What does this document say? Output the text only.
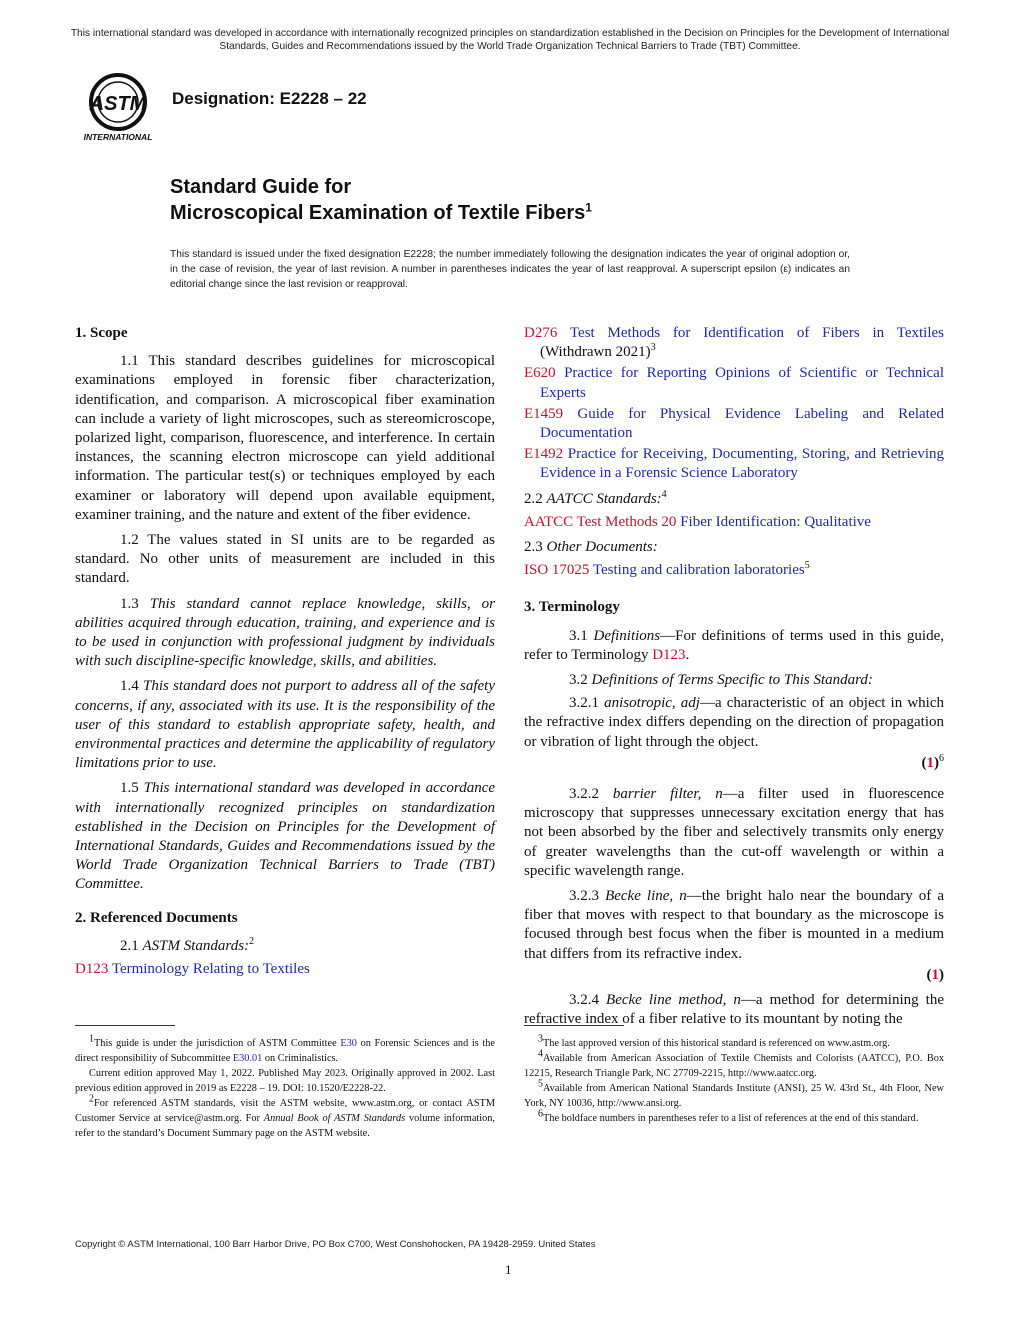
This international standard was developed in accordance with internationally recognized principles on standardization established in the Decision on Principles for the Development of International Standards, Guides and Recommendations issued by the World Trade Organization Technical Barriers to Trade (TBT) Committee.
ASTM
INTERNATIONAL
Designation: E2228 – 22
Standard Guide for
Microscopical Examination of Textile Fibers$^1$
This standard is issued under the fixed designation E2228; the number immediately following the designation indicates the year of original adoption or, in the case of revision, the year of last revision. A number in parentheses indicates the year of last reapproval. A superscript epsilon (ε) indicates an editorial change since the last revision or reapproval.
1. Scope
1.1 This standard describes guidelines for microscopical examinations employed in forensic fiber characterization, identification, and comparison. A microscopical fiber examination can include a variety of light microscopes, such as stereomicroscope, polarized light, comparison, fluorescence, and interference. In certain instances, the scanning electron microscope can yield additional information. The particular test(s) or techniques employed by each examiner or laboratory will depend upon available equipment, examiner training, and the nature and extent of the fiber evidence.
1.2 The values stated in SI units are to be regarded as standard. No other units of measurement are included in this standard.
1.3 This standard cannot replace knowledge, skills, or abilities acquired through education, training, and experience and is to be used in conjunction with professional judgment by individuals with such discipline-specific knowledge, skills, and abilities.
1.4 This standard does not purport to address all of the safety concerns, if any, associated with its use. It is the responsibility of the user of this standard to establish appropriate safety, health, and environmental practices and determine the applicability of regulatory limitations prior to use.
1.5 This international standard was developed in accordance with internationally recognized principles on standardization established in the Decision on Principles for the Development of International Standards, Guides and Recommendations issued by the World Trade Organization Technical Barriers to Trade (TBT) Committee.
2. Referenced Documents
2.1 ASTM Standards:$^2$
D123 Terminology Relating to Textiles
D276 Test Methods for Identification of Fibers in Textiles (Withdrawn 2021)$^3$
E620 Practice for Reporting Opinions of Scientific or Technical Experts
E1459 Guide for Physical Evidence Labeling and Related Documentation
E1492 Practice for Receiving, Documenting, Storing, and Retrieving Evidence in a Forensic Science Laboratory
2.2 AATCC Standards:$^4$
AATCC Test Methods 20 Fiber Identification: Qualitative
2.3 Other Documents:
ISO 17025 Testing and calibration laboratories$^5$
3. Terminology
3.1 Definitions—For definitions of terms used in this guide, refer to Terminology D123.
3.2 Definitions of Terms Specific to This Standard:
3.2.1 anisotropic, adj—a characteristic of an object in which the refractive index differs depending on the direction of propagation or vibration of light through the object.
$(1)^6$
3.2.2 barrier filter, n—a filter used in fluorescence microscopy that suppresses unnecessary excitation energy that has not been absorbed by the fiber and selectively transmits only energy of greater wavelengths than the cut-off wavelength or within a specific wavelength range.
3.2.3 Becke line, n—the bright halo near the boundary of a fiber that moves with respect to that boundary as the microscope is focused through best focus when the fiber is mounted in a medium that differs from its refractive index.
(1)
3.2.4 Becke line method, n—a method for determining the refractive index of a fiber relative to its mountant by noting the

$^1$This guide is under the jurisdiction of ASTM Committee E30 on Forensic Sciences and is the direct responsibility of Subcommittee E30.01 on Criminalistics.

Current edition approved May 1, 2022. Published May 2023. Originally approved in 2002. Last previous edition approved in 2019 as E2228 – 19. DOI: 10.1520/E2228-22.

$^2$For referenced ASTM standards, visit the ASTM website, www.astm.org, or contact ASTM Customer Service at service@astm.org. For Annual Book of ASTM Standards volume information, refer to the standard’s Document Summary page on the ASTM website.

$^3$The last approved version of this historical standard is referenced on www.astm.org.

$^4$Available from American Association of Textile Chemists and Colorists (AATCC), P.O. Box 12215, Research Triangle Park, NC 27709-2215, http://www.aatcc.org.

$^5$Available from American National Standards Institute (ANSI), 25 W. 43rd St., 4th Floor, New York, NY 10036, http://www.ansi.org.

$^6$The boldface numbers in parentheses refer to a list of references at the end of this standard.

Copyright © ASTM International, 100 Barr Harbor Drive, PO Box C700, West Conshohocken, PA 19428-2959. United States
1
